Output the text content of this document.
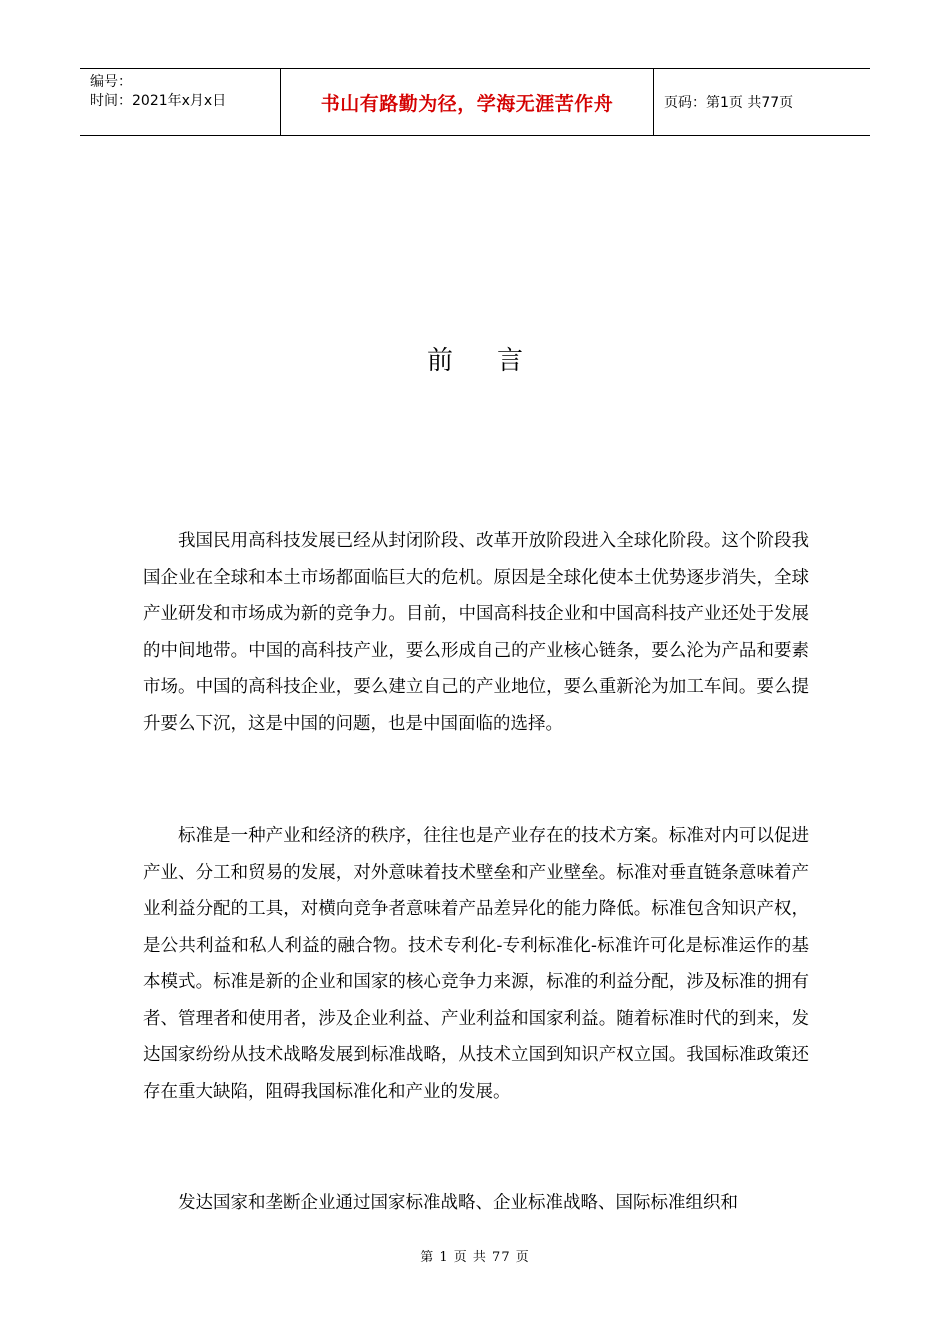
编号：
时间：2021年x月x日	书山有路勤为径，学海无涯苦作舟	页码：第1页 共77页
前言

我国民用高科技发展已经从封闭阶段、改革开放阶段进入全球化阶段。这个阶段我国企业在全球和本土市场都面临巨大的危机。原因是全球化使本土优势逐步消失，全球产业研发和市场成为新的竞争力。目前，中国高科技企业和中国高科技产业还处于发展的中间地带。中国的高科技产业，要么形成自己的产业核心链条，要么沦为产品和要素市场。中国的高科技企业，要么建立自己的产业地位，要么重新沦为加工车间。要么提升要么下沉，这是中国的问题，也是中国面临的选择。

标准是一种产业和经济的秩序，往往也是产业存在的技术方案。标准对内可以促进产业、分工和贸易的发展，对外意味着技术壁垒和产业壁垒。标准对垂直链条意味着产业利益分配的工具，对横向竞争者意味着产品差异化的能力降低。标准包含知识产权，是公共利益和私人利益的融合物。技术专利化-专利标准化-标准许可化是标准运作的基本模式。标准是新的企业和国家的核心竞争力来源，标准的利益分配，涉及标准的拥有者、管理者和使用者，涉及企业利益、产业利益和国家利益。随着标准时代的到来，发达国家纷纷从技术战略发展到标准战略，从技术立国到知识产权立国。我国标准政策还存在重大缺陷，阻碍我国标准化和产业的发展。

发达国家和垄断企业通过国家标准战略、企业标准战略、国际标准组织和

第 1 页 共 77 页
